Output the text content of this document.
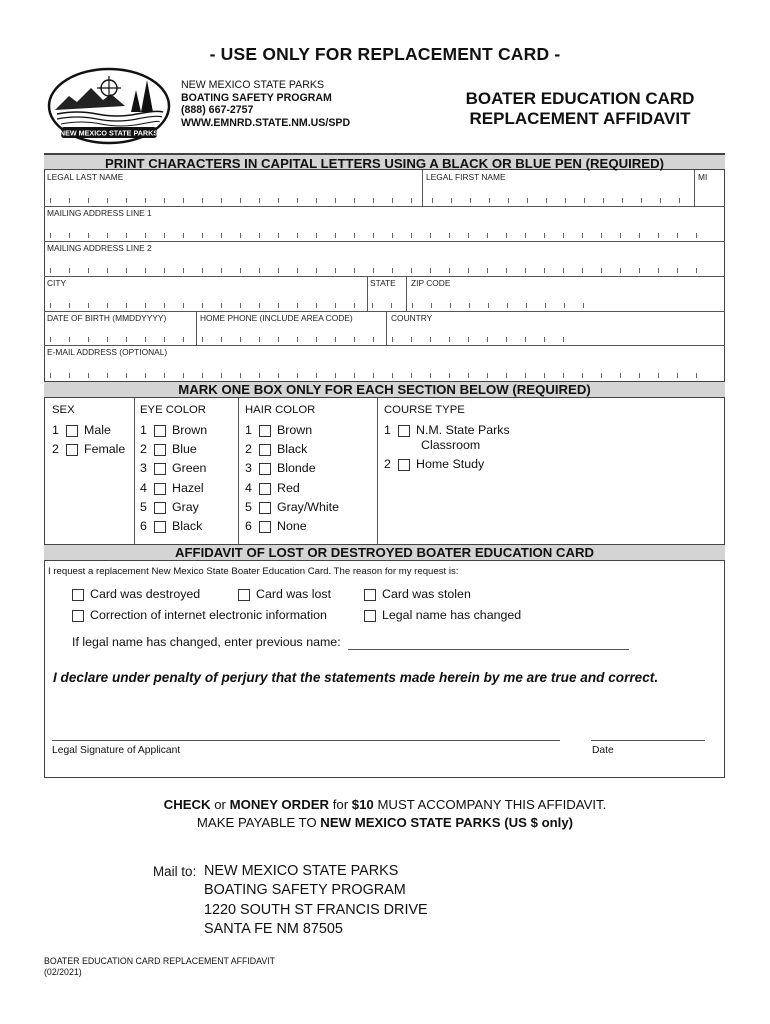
- USE ONLY FOR REPLACEMENT CARD -
NEW MEXICO STATE PARKS
NEW MEXICO STATE PARKS
BOATING SAFETY PROGRAM
(888) 667-2757
WWW.EMNRD.STATE.NM.US/SPD
BOATER EDUCATION CARD
REPLACEMENT AFFIDAVIT
PRINT CHARACTERS IN CAPITAL LETTERS USING A BLACK OR BLUE PEN (REQUIRED)
LEGAL LAST NAME	LEGAL FIRST NAME	MI
MAILING ADDRESS LINE 1
MAILING ADDRESS LINE 2
CITY	STATE ZIP CODE
DATE OF BIRTH (MMDDYYYY)	HOME PHONE (INCLUDE AREA CODE)	COUNTRY
E-MAIL ADDRESS (OPTIONAL)
MARK ONE BOX ONLY FOR EACH SECTION BELOW (REQUIRED)
SEX
1 Male
2 Female
EYE COLOR
1 Brown
2 Blue
3 Green
4 Hazel
5 Gray
6 Black
HAIR COLOR
1 Brown
2 Black
3 Blonde
4 Red
5 Gray/White
6 None
COURSE TYPE
1 N.M. State Parks
Classroom
2 Home Study
AFFIDAVIT OF LOST OR DESTROYED BOATER EDUCATION CARD
I request a replacement New Mexico State Boater Education Card. The reason for my request is:
Card was destroyed	Card was lost	Card was stolen
Correction of internet electronic information	Legal name has changed
If legal name has changed, enter previous name:
I declare under penalty of perjury that the statements made herein by me are true and correct.
Legal Signature of Applicant	Date
CHECK or MONEY ORDER for $10 MUST ACCOMPANY THIS AFFIDAVIT.
MAKE PAYABLE TO NEW MEXICO STATE PARKS (US $ only)
Mail to: NEW MEXICO STATE PARKS
BOATING SAFETY PROGRAM
1220 SOUTH ST FRANCIS DRIVE
SANTA FE NM 87505
BOATER EDUCATION CARD REPLACEMENT AFFIDAVIT
(02/2021)
